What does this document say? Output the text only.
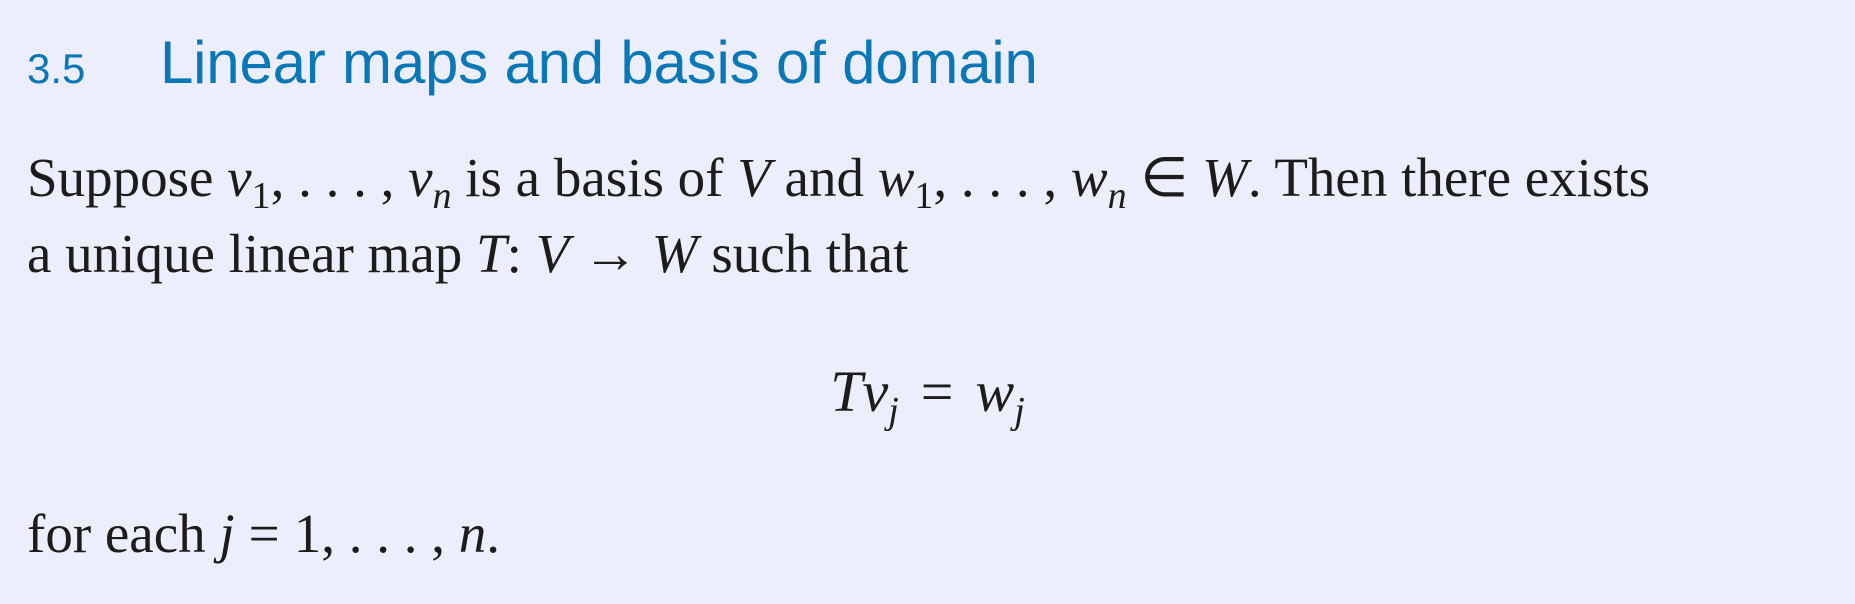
3.5	Linear maps and basis of domain
Suppose $v_1$, . . . , $v_n$ is a basis of V and $w_1$, . . . , $w_n$ ∈ W. Then there exists
a unique linear map T: V → W such that
$Tv_j = w_j$
for each j = 1, . . . , n.
